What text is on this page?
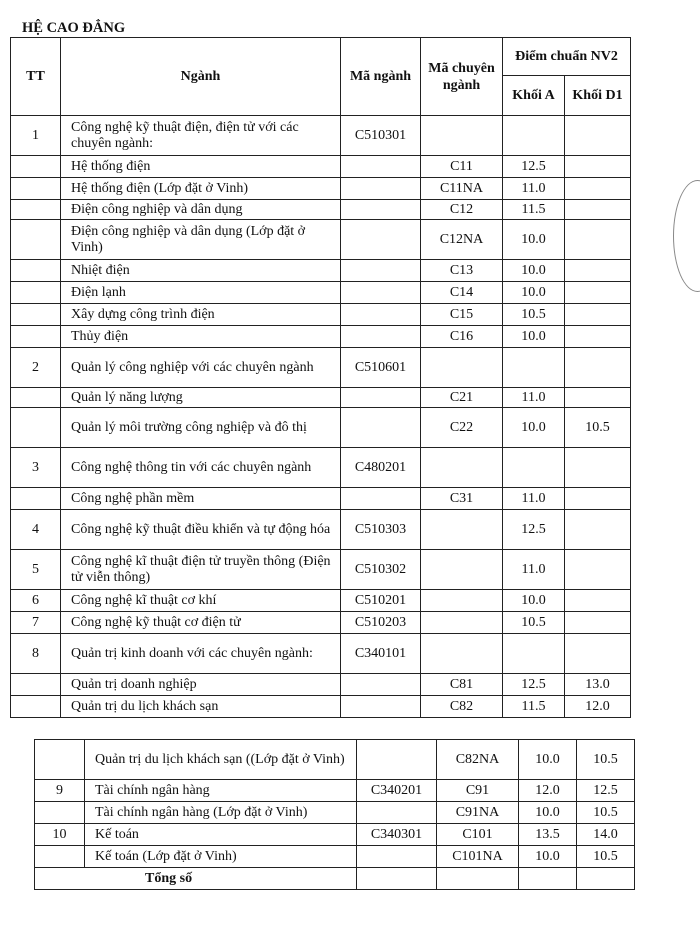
HỆ CAO ĐẲNG
TT	Ngành	Mã ngành	Mã chuyên ngành	Điểm chuẩn NV2	
				Khối A	Khối D1
1	Công nghệ kỹ thuật điện, điện tử với các chuyên ngành:	C510301			
	Hệ thống điện		C11	12.5	
	Hệ thống điện (Lớp đặt ở Vinh)		C11NA	11.0	
	Điện công nghiệp và dân dụng		C12	11.5	
	Điện công nghiệp và dân dụng (Lớp đặt ở Vinh)		C12NA	10.0	
	Nhiệt điện		C13	10.0	
	Điện lạnh		C14	10.0	
	Xây dựng công trình điện		C15	10.5	
	Thủy điện		C16	10.0	
2	Quản lý công nghiệp với các chuyên ngành	C510601			
	Quản lý năng lượng		C21	11.0	
	Quản lý môi trường công nghiệp và đô thị		C22	10.0	10.5
3	Công nghệ thông tin với các chuyên ngành	C480201			
	Công nghệ phần mềm		C31	11.0	
4	Công nghệ kỹ thuật điều khiển và tự động hóa	C510303		12.5	
5	Công nghệ kĩ thuật điện tử truyền thông (Điện tử viễn thông)	C510302		11.0	
6	Công nghệ kĩ thuật cơ khí	C510201		10.0	
7	Công nghệ kỹ thuật cơ điện tử	C510203		10.5	
8	Quản trị kinh doanh với các chuyên ngành:	C340101			
	Quản trị doanh nghiệp		C81	12.5	13.0
	Quản trị du lịch khách sạn		C82	11.5	12.0
	Quản trị du lịch khách sạn ((Lớp đặt ở Vinh)		C82NA	10.0	10.5
9	Tài chính ngân hàng	C340201	C91	12.0	12.5
	Tài chính ngân hàng (Lớp đặt ở Vinh)		C91NA	10.0	10.5
10	Kế toán	C340301	C101	13.5	14.0
	Kế toán (Lớp đặt ở Vinh)		C101NA	10.0	10.5
Tổng số					
